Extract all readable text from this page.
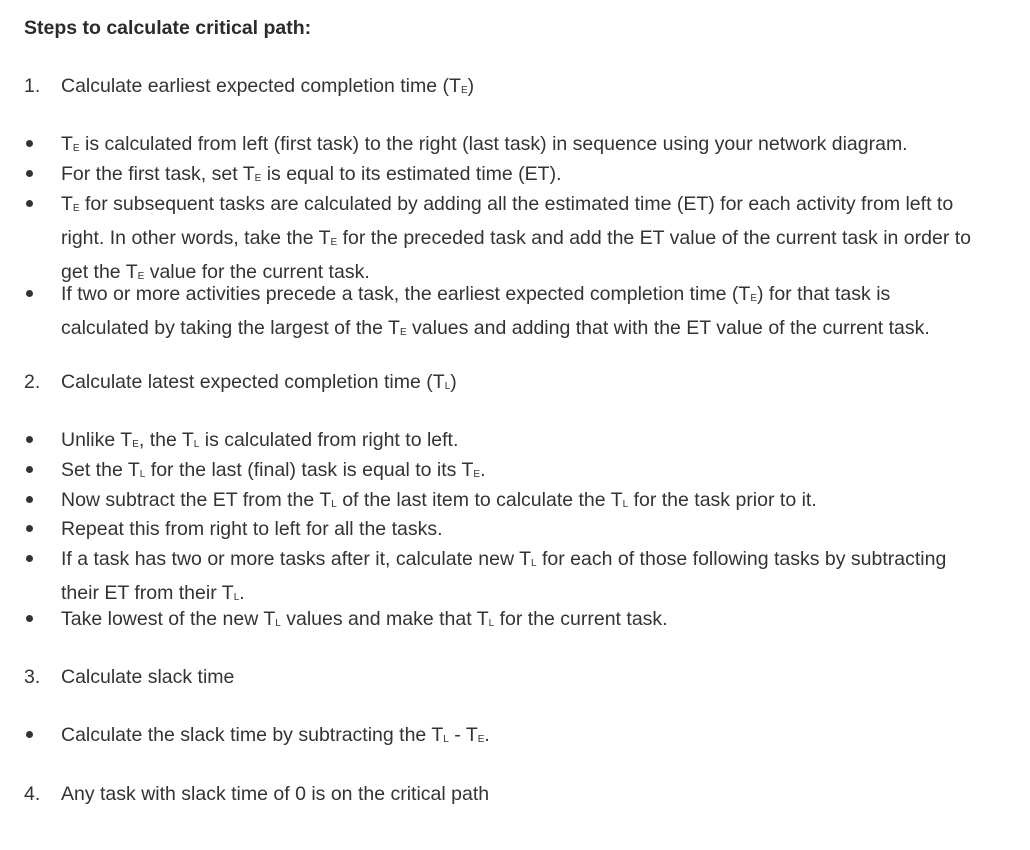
Steps to calculate critical path:
1. Calculate earliest expected completion time $(T_E)$
$T_E$ is calculated from left (first task) to the right (last task) in sequence using your network diagram.
For the first task, set $T_E$ is equal to its estimated time (ET).
$T_E$ for subsequent tasks are calculated by adding all the estimated time (ET) for each activity from left to right. In other words, take the $T_E$ for the preceded task and add the ET value of the current task in order to get the $T_E$ value for the current task.
If two or more activities precede a task, the earliest expected completion time $(T_E)$ for that task is calculated by taking the largest of the $T_E$ values and adding that with the ET value of the current task.
2. Calculate latest expected completion time $(T_L)$
Unlike $T_E$, the $T_L$ is calculated from right to left.
Set the $T_L$ for the last (final) task is equal to its $T_E$.
Now subtract the ET from the $T_L$ of the last item to calculate the $T_L$ for the task prior to it.
Repeat this from right to left for all the tasks.
If a task has two or more tasks after it, calculate new $T_L$ for each of those following tasks by subtracting their ET from their $T_L$.
Take lowest of the new $T_L$ values and make that $T_L$ for the current task.
3. Calculate slack time
Calculate the slack time by subtracting the $T_L - T_E$.
4. Any task with slack time of 0 is on the critical path
